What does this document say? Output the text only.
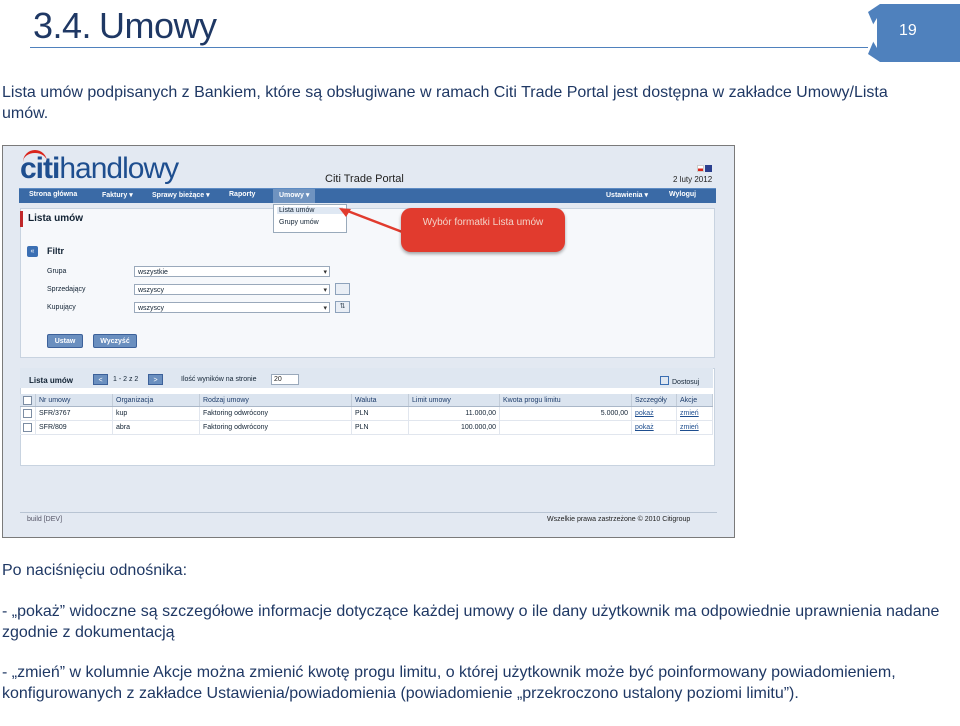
3.4. Umowy	19
Lista umów podpisanych z Bankiem, które są obsługiwane w ramach Citi Trade Portal jest dostępna w zakładce Umowy/Lista umów.
citihandlowy	Citi Trade Portal	2 luty 2012
Strona główna	Faktury ▾	Sprawy bieżące ▾	Raporty	Umowy ▾	Ustawienia ▾	Wyloguj
Lista umów
Lista umów
Grupy umów	Wybór formatki Lista umów
«	Filtr
Grupa	wszystkie ▾
Sprzedający	wszyscy ▾
Kupujący	wszyscy ▾	⇅
Ustaw	Wyczyść
Lista umów	<	1 - 2 z 2	>	Ilość wyników na stronie	20	Dostosuj
	Nr umowy	Organizacja	Rodzaj umowy	Waluta	Limit umowy	Kwota progu limitu	Szczegóły	Akcje
	SFR/3767	kup	Faktoring odwrócony	PLN	11.000,00	5.000,00	pokaż	zmień
	SFR/809	abra	Faktoring odwrócony	PLN	100.000,00		pokaż	zmień
build [DEV]	Wszelkie prawa zastrzeżone © 2010 Citigroup
Po naciśnięciu odnośnika:
- „pokaż” widoczne są szczegółowe informacje dotyczące każdej umowy o ile dany użytkownik ma odpowiednie uprawnienia nadane zgodnie z dokumentacją
- „zmień” w kolumnie Akcje można zmienić kwotę progu limitu, o której użytkownik może być poinformowany powiadomieniem, konfigurowanych z zakładce Ustawienia/powiadomienia (powiadomienie „przekroczono ustalony poziomi limitu”).
